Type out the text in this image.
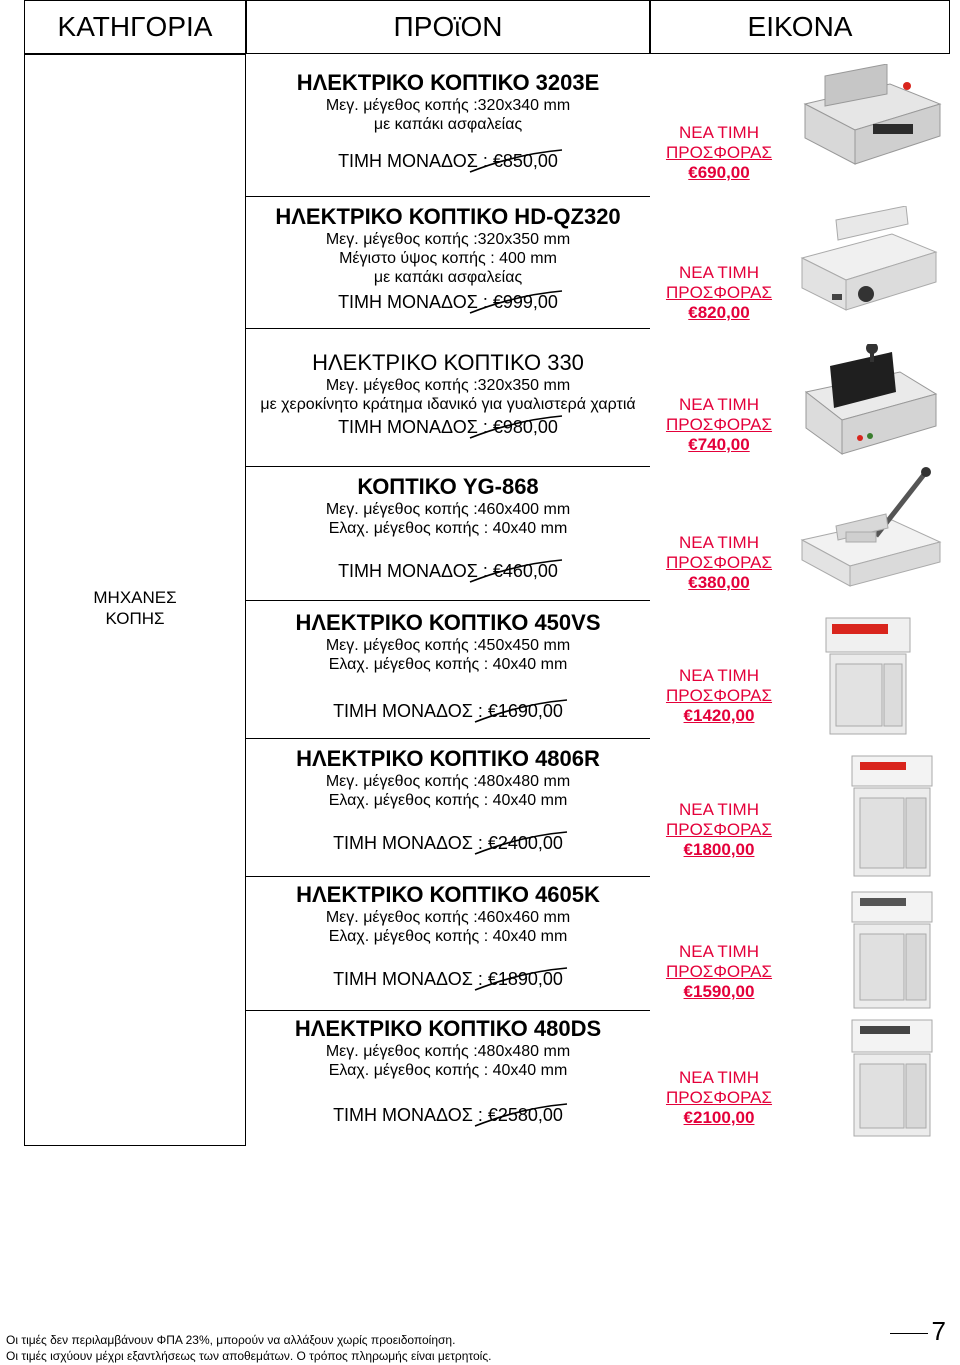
ΚΑΤΗΓΟΡΙΑ	ΠΡΟϊΟΝ	ΕΙΚΟΝΑ
ΜΗΧΑΝΕΣ
ΚΟΠΗΣ
ΗΛΕΚΤΡΙΚΟ ΚΟΠΤΙΚΟ 3203Ε
Μεγ. μέγεθος κοπής :320x340 mm
με καπάκι ασφαλείας
ΤΙΜΗ ΜΟΝΑΔΟΣ : €850,00
ΝΕΑ ΤΙΜΗ
ΠΡΟΣΦΟΡΑΣ
€690,00
ΗΛΕΚΤΡΙΚΟ ΚΟΠΤΙΚΟ HD-QZ320
Μεγ. μέγεθος κοπής :320x350 mm
Μέγιστο ύψος κοπής : 400 mm
με καπάκι ασφαλείας
ΤΙΜΗ ΜΟΝΑΔΟΣ : €999,00
ΝΕΑ ΤΙΜΗ
ΠΡΟΣΦΟΡΑΣ
€820,00
ΗΛΕΚΤΡΙΚΟ ΚΟΠΤΙΚΟ 330
Μεγ. μέγεθος κοπής :320x350 mm
με χεροκίνητο κράτημα ιδανικό για γυαλιστερά χαρτιά
ΤΙΜΗ ΜΟΝΑΔΟΣ : €980,00
ΝΕΑ ΤΙΜΗ
ΠΡΟΣΦΟΡΑΣ
€740,00
ΚΟΠΤΙΚΟ YG-868
Μεγ. μέγεθος κοπής :460x400 mm
Ελαχ. μέγεθος κοπής : 40x40 mm
ΤΙΜΗ ΜΟΝΑΔΟΣ : €460,00
ΝΕΑ ΤΙΜΗ
ΠΡΟΣΦΟΡΑΣ
€380,00
ΗΛΕΚΤΡΙΚΟ ΚΟΠΤΙΚΟ 450VS
Μεγ. μέγεθος κοπής :450x450 mm
Ελαχ. μέγεθος κοπής : 40x40 mm
ΤΙΜΗ ΜΟΝΑΔΟΣ : €1690,00
ΝΕΑ ΤΙΜΗ
ΠΡΟΣΦΟΡΑΣ
€1420,00
ΗΛΕΚΤΡΙΚΟ ΚΟΠΤΙΚΟ 4806R
Μεγ. μέγεθος κοπής :480x480 mm
Ελαχ. μέγεθος κοπής : 40x40 mm
ΤΙΜΗ ΜΟΝΑΔΟΣ : €2400,00
ΝΕΑ ΤΙΜΗ
ΠΡΟΣΦΟΡΑΣ
€1800,00
ΗΛΕΚΤΡΙΚΟ ΚΟΠΤΙΚΟ 4605K
Μεγ. μέγεθος κοπής :460x460 mm
Ελαχ. μέγεθος κοπής : 40x40 mm
ΤΙΜΗ ΜΟΝΑΔΟΣ : €1890,00
ΝΕΑ ΤΙΜΗ
ΠΡΟΣΦΟΡΑΣ
€1590,00
ΗΛΕΚΤΡΙΚΟ ΚΟΠΤΙΚΟ 480DS
Μεγ. μέγεθος κοπής :480x480 mm
Ελαχ. μέγεθος κοπής : 40x40 mm
ΤΙΜΗ ΜΟΝΑΔΟΣ : €2580,00
ΝΕΑ ΤΙΜΗ
ΠΡΟΣΦΟΡΑΣ
€2100,00
Οι τιμές δεν περιλαμβάνουν ΦΠΑ 23%, μπορούν να αλλάξουν χωρίς προειδοποίηση.
Οι τιμές ισχύουν μέχρι εξαντλήσεως των αποθεμάτων. Ο τρόπος πληρωμής είναι μετρητοίς.
7
